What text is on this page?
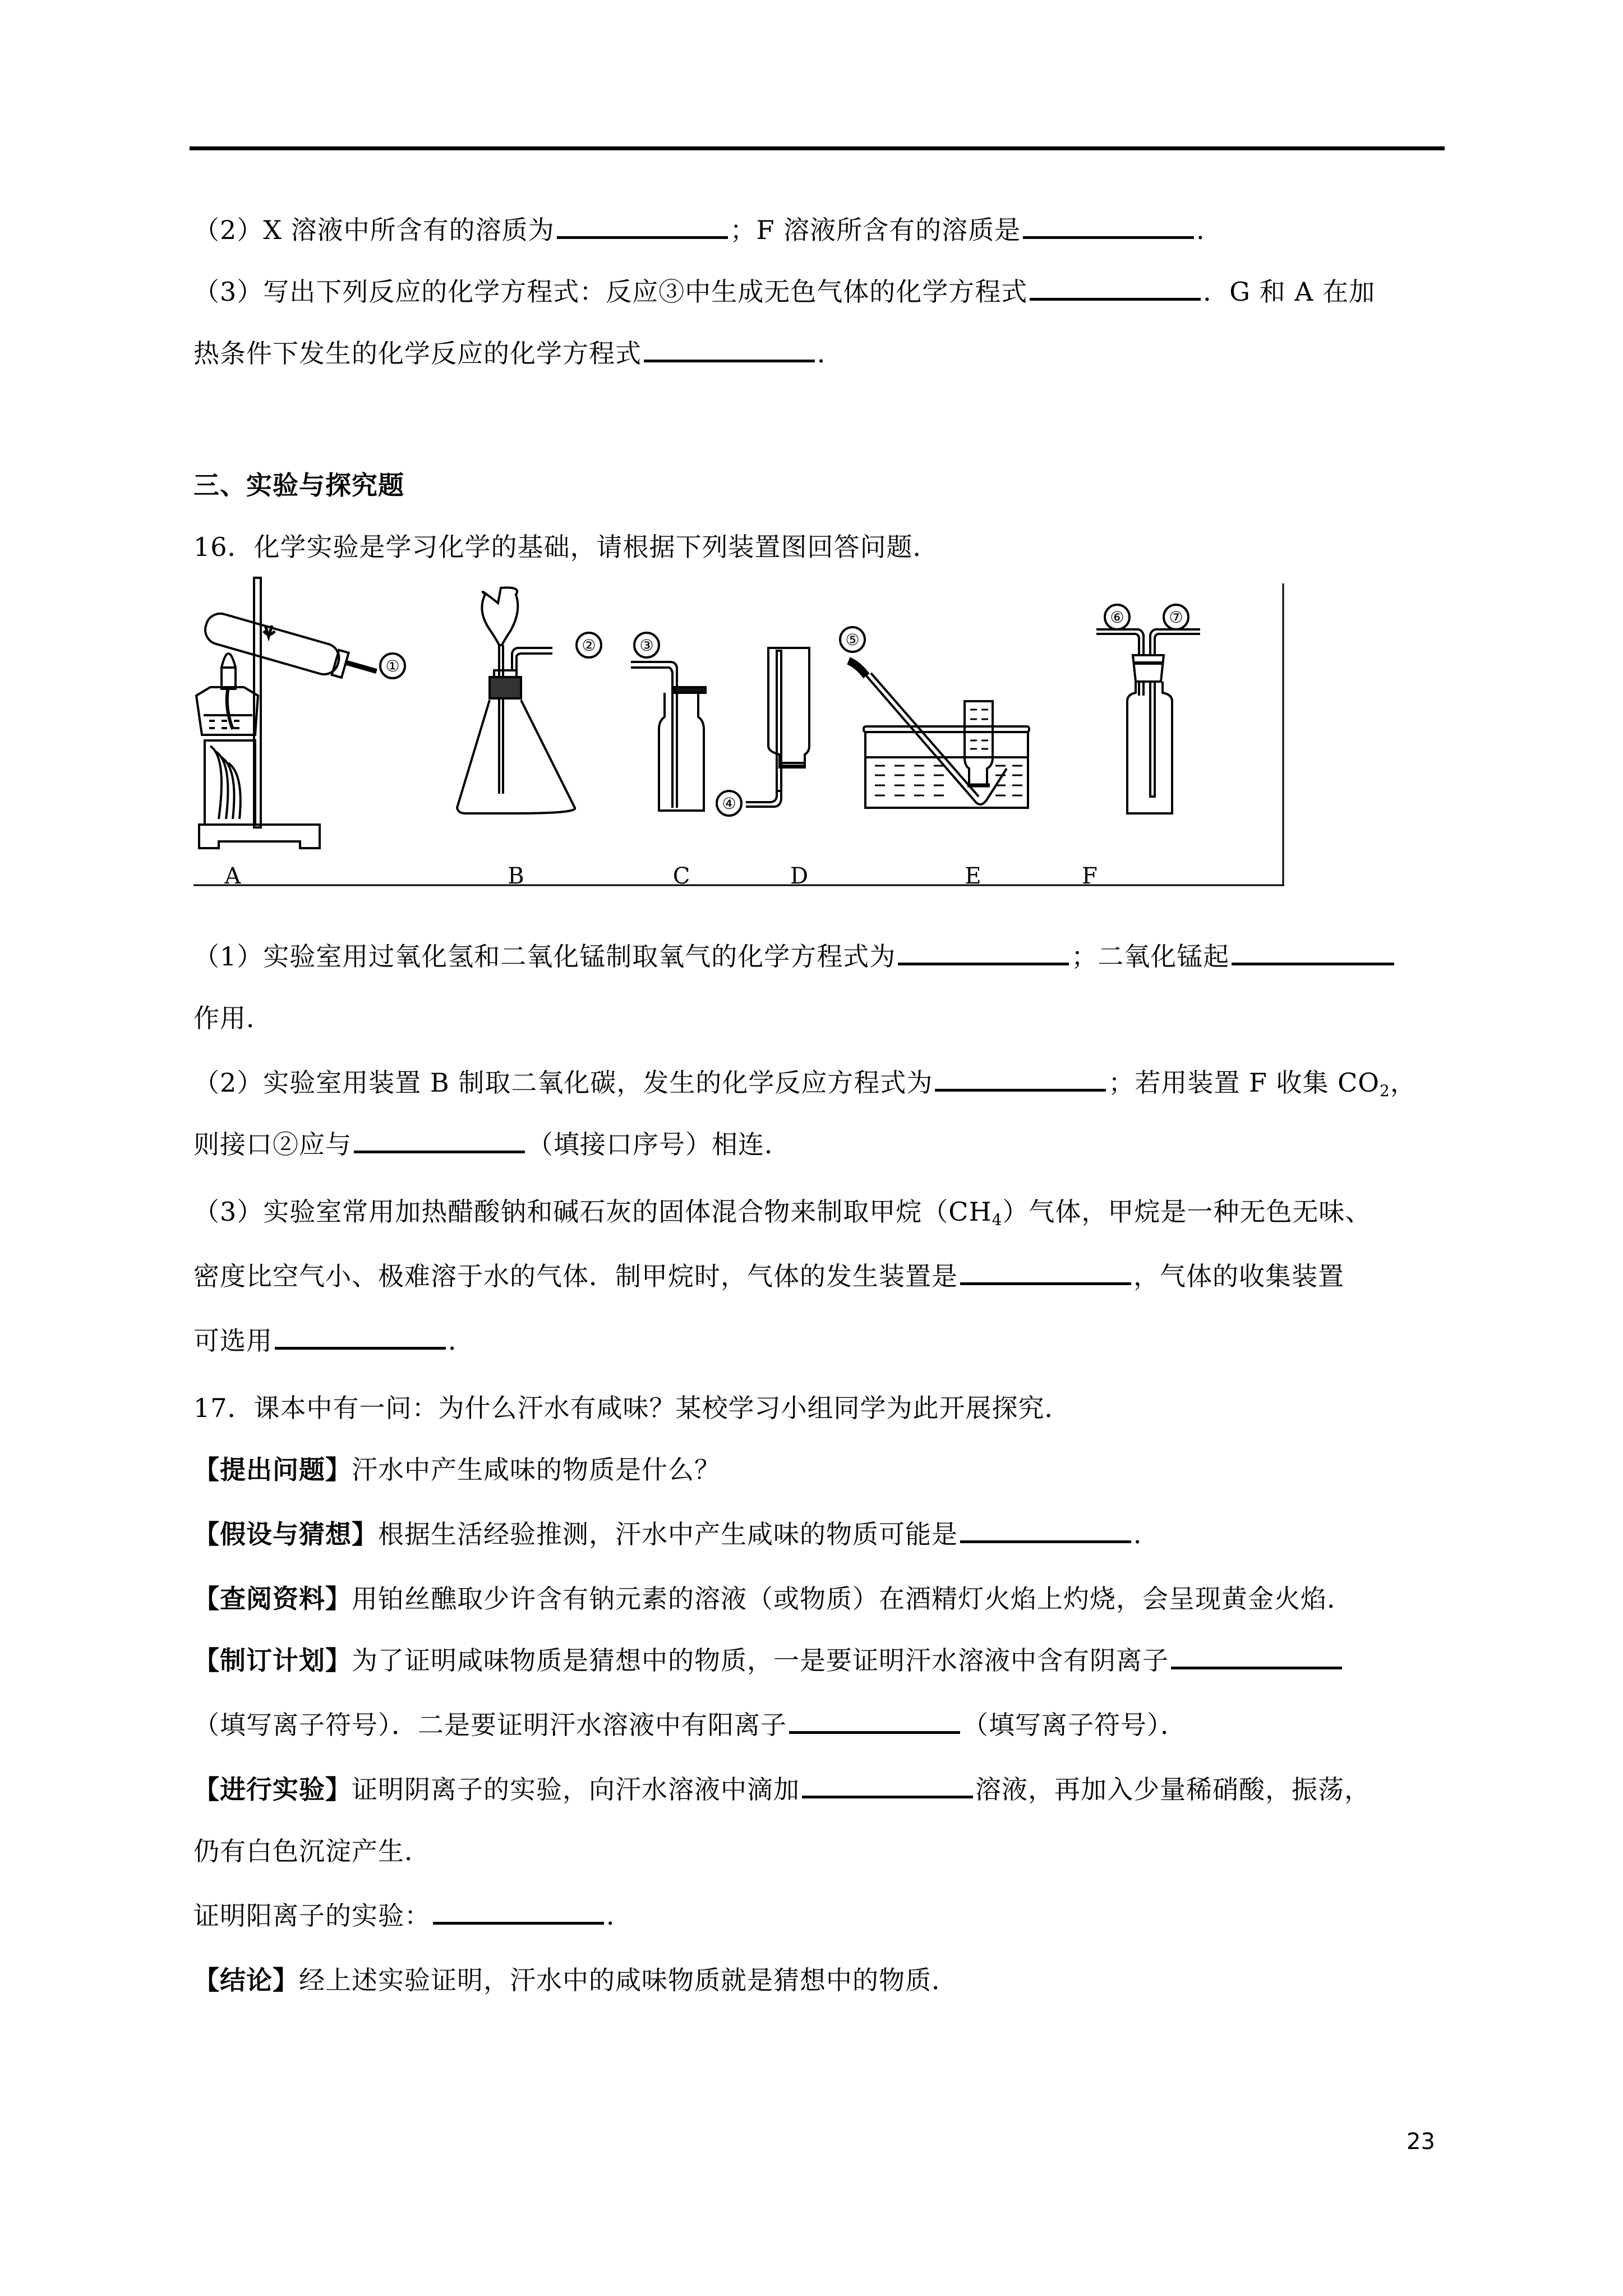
（2）X 溶液中所含有的溶质为	；F 溶液所含有的溶质是	．
（3）写出下列反应的化学方程式：反应③中生成无色气体的化学方程式	．G 和 A 在加
热条件下发生的化学反应的化学方程式	．
三、实验与探究题
16．化学实验是学习化学的基础，请根据下列装置图回答问题．
①
A	B	C	D	E	F
②	③
④
⑤
⑥	⑦
（1）实验室用过氧化氢和二氧化锰制取氧气的化学方程式为	；二氧化锰起
作用．
（2）实验室用装置 B 制取二氧化碳，发生的化学反应方程式为	；若用装置 F 收集 $CO_2$，
则接口②应与	（填接口序号）相连．
（3）实验室常用加热醋酸钠和碱石灰的固体混合物来制取甲烷$(CH_4)$气体，甲烷是一种无色无味、
密度比空气小、极难溶于水的气体．制甲烷时，气体的发生装置是	，气体的收集装置
可选用	．
17．课本中有一问：为什么汗水有咸味？某校学习小组同学为此开展探究．
【提出问题】汗水中产生咸味的物质是什么？
【假设与猜想】根据生活经验推测，汗水中产生咸味的物质可能是	．
【查阅资料】用铂丝醮取少许含有钠元素的溶液（或物质）在酒精灯火焰上灼烧，会呈现黄金火焰．
【制订计划】为了证明咸味物质是猜想中的物质，一是要证明汗水溶液中含有阴离子
（填写离子符号）．二是要证明汗水溶液中有阳离子	（填写离子符号）．
【进行实验】证明阴离子的实验，向汗水溶液中滴加	溶液，再加入少量稀硝酸，振荡，
仍有白色沉淀产生．
证明阳离子的实验：	．
【结论】经上述实验证明，汗水中的咸味物质就是猜想中的物质．
23
